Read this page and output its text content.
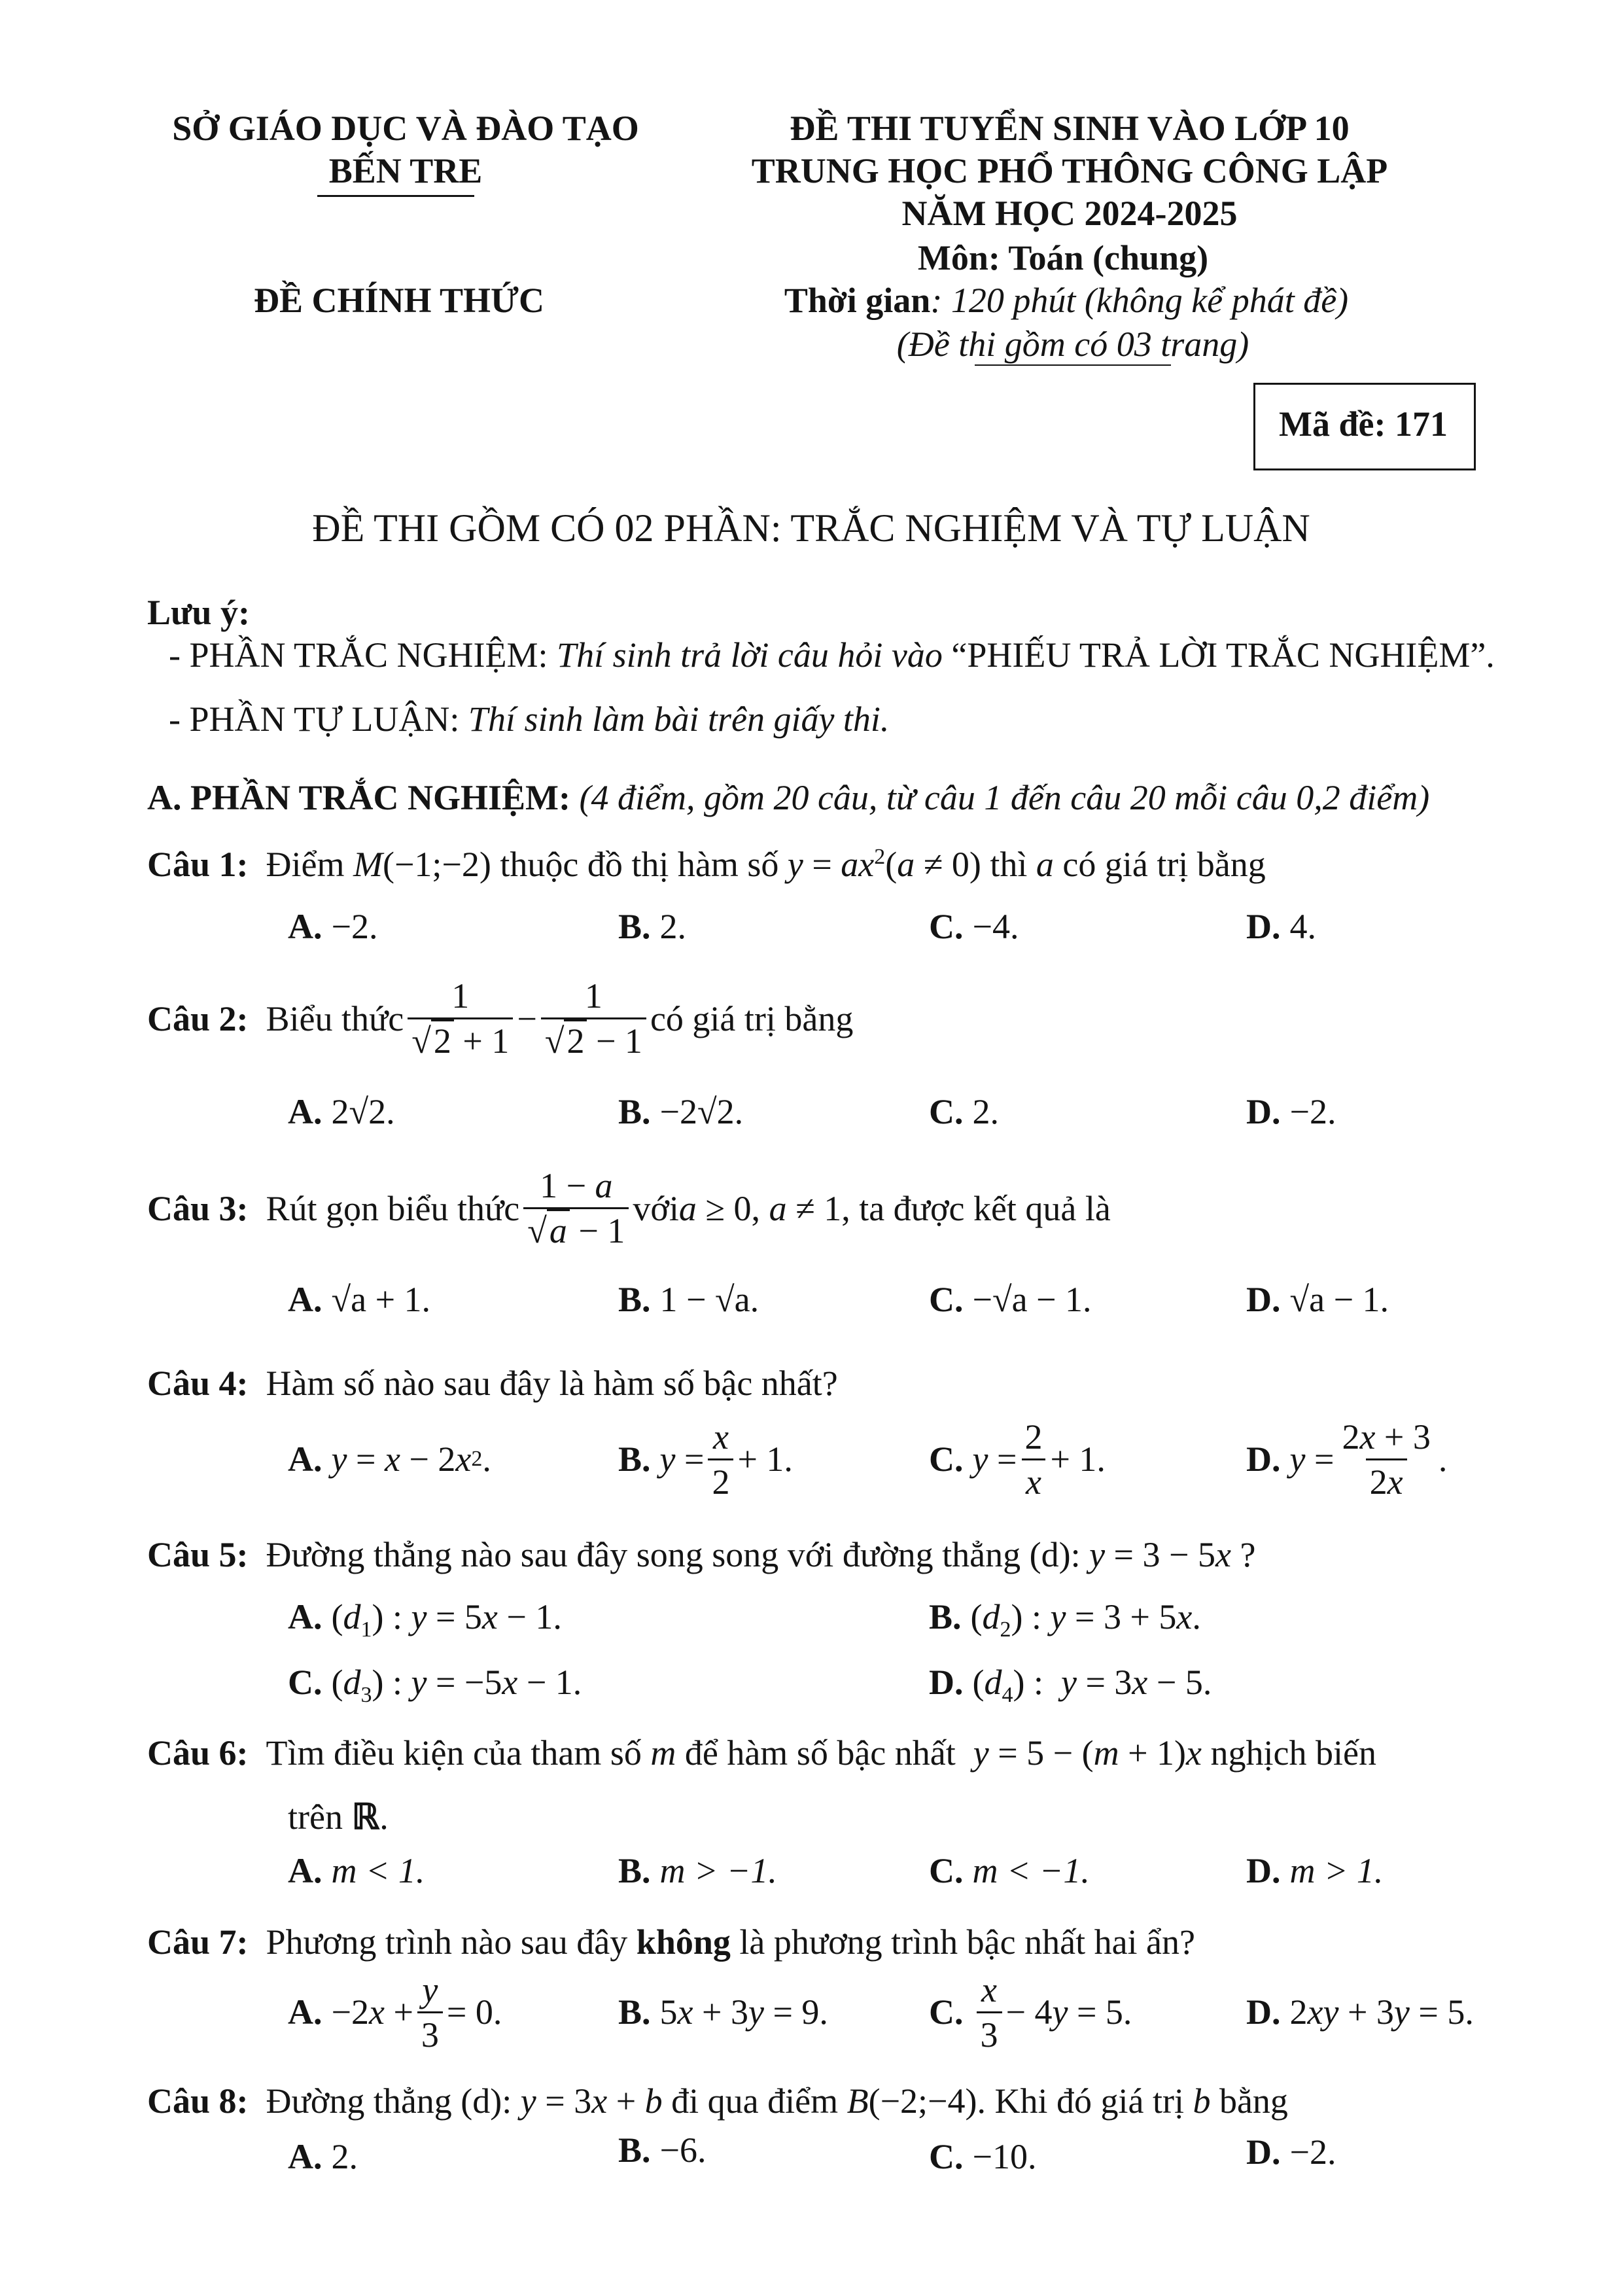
SỞ GIÁO DỤC VÀ ĐÀO TẠO
BẾN TRE
ĐỀ CHÍNH THỨC
ĐỀ THI TUYỂN SINH VÀO LỚP 10
TRUNG HỌC PHỔ THÔNG CÔNG LẬP
NĂM HỌC 2024-2025
Môn: Toán (chung)
Thời gian: 120 phút (không kể phát đề)
(Đề thi gồm có 03 trang)
Mã đề: 171
ĐỀ THI GỒM CÓ 02 PHẦN: TRẮC NGHIỆM VÀ TỰ LUẬN
Lưu ý:
- PHẦN TRẮC NGHIỆM: Thí sinh trả lời câu hỏi vào “PHIẾU TRẢ LỜI TRẮC NGHIỆM”.
- PHẦN TỰ LUẬN: Thí sinh làm bài trên giấy thi.
A. PHẦN TRẮC NGHIỆM: (4 điểm, gồm 20 câu, từ câu 1 đến câu 20 mỗi câu 0,2 điểm)
Câu 1: Điểm M(−1;−2) thuộc đồ thị hàm số $y = ax^2(a \ne 0)$ thì a có giá trị bằng
A. −2.	B. 2.	C. −4.	D. 4.
Câu 2:
Biểu thức $\frac{1}{√2 + 1} - \frac{1}{√2 - 1}$ có giá trị bằng
A. 2√2.	B. −2√2.	C. 2.	D. −2.
Câu 3:
Rút gọn biểu thức $\frac{1 - a}{√a - 1}$ với a ≥ 0, a ≠ 1 , ta được kết quả là
A. √a + 1.	B. 1 − √a.	C. −√a − 1.	D. √a − 1.
Câu 4: Hàm số nào sau đây là hàm số bậc nhất?
A. y = x − 2 x 2 .	B. $y = \frac{x}{2} + 1$.	C. $y = \frac{2}{x} + 1$.	D. $y = \frac{2x + 3}{2x}$ .
Câu 5: Đường thẳng nào sau đây song song với đường thẳng (d): y = 3 − 5x ?
A. $(d_1)$ : y = 5x − 1.	B. $(d_2)$ : y = 3 + 5x.
C. $(d_3)$ : y = −5x − 1.	D. $(d_4)$ :  y = 3x − 5.
Câu 6: Tìm điều kiện của tham số m để hàm số bậc nhất  y = 5 − (m + 1)x nghịch biến
trên ℝ.
A. m < 1.	B. m > −1.	C. m < −1.	D. m > 1.
Câu 7: Phương trình nào sau đây không là phương trình bậc nhất hai ẩn?
A. −2 $x + \frac{y}{3} = 0$.	B. 5 x + 3 y = 9.	C. $\frac{x}{3} - 4$ y = 5.	D. 2 xy + 3 y = 5.
Câu 8: Đường thẳng (d): y = 3x + b đi qua điểm B(−2;−4). Khi đó giá trị b bằng
A. 2.	B. −6.	C. −10.	D. −2.
